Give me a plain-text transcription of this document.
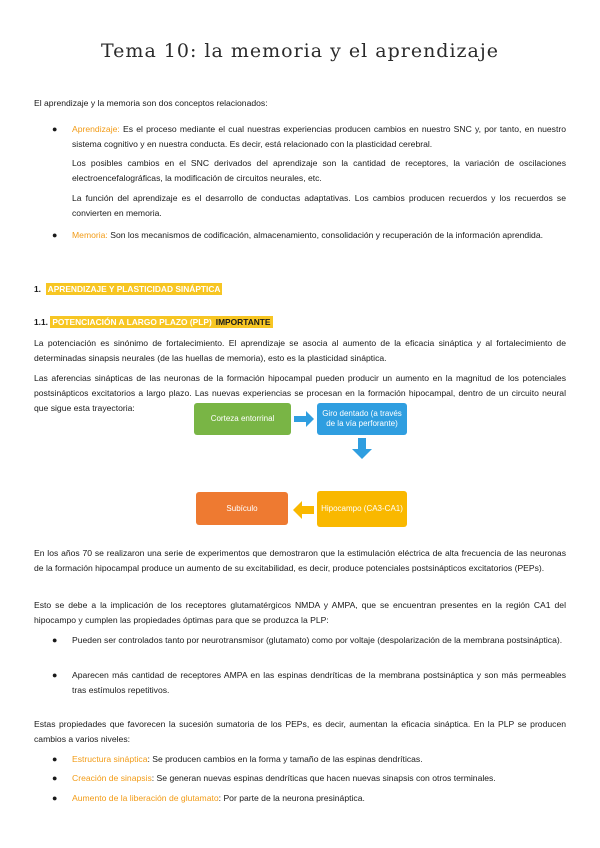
Tema 10: la memoria y el aprendizaje

El aprendizaje y la memoria son dos conceptos relacionados:

● Aprendizaje: Es el proceso mediante el cual nuestras experiencias producen cambios en nuestro SNC y, por tanto, en nuestro sistema cognitivo y en nuestra conducta. Es decir, está relacionado con la plasticidad cerebral.

Los posibles cambios en el SNC derivados del aprendizaje son la cantidad de receptores, la variación de oscilaciones electroencefalográficas, la modificación de circuitos neurales, etc.

La función del aprendizaje es el desarrollo de conductas adaptativas. Los cambios producen recuerdos y los recuerdos se convierten en memoria.

● Memoria: Son los mecanismos de codificación, almacenamiento, consolidación y recuperación de la información aprendida.

1. APRENDIZAJE Y PLASTICIDAD SINÁPTICA
1.1. POTENCIACIÓN A LARGO PLAZO (PLP) IMPORTANTE

La potenciación es sinónimo de fortalecimiento. El aprendizaje se asocia al aumento de la eficacia sináptica y al fortalecimiento de determinadas sinapsis neurales (de las huellas de memoria), esto es la plasticidad sináptica.

Las aferencias sinápticas de las neuronas de la formación hipocampal pueden producir un aumento en la magnitud de los potenciales postsinápticos excitatorios a largo plazo. Las nuevas experiencias se procesan en la formación hipocampal, dentro de un circuito neural que sigue esta trayectoria:

Corteza entorrinal
Giro dentado (a través de la vía perforante)
Hipocampo (CA3-CA1)
Subículo

En los años 70 se realizaron una serie de experimentos que demostraron que la estimulación eléctrica de alta frecuencia de las neuronas de la formación hipocampal produce un aumento de su excitabilidad, es decir, produce potenciales postsinápticos excitatorios (PEPs).

Esto se debe a la implicación de los receptores glutamatérgicos NMDA y AMPA, que se encuentran presentes en la región CA1 del hipocampo y cumplen las propiedades óptimas para que se produzca la PLP:

● Pueden ser controlados tanto por neurotransmisor (glutamato) como por voltaje (despolarización de la membrana postsináptica).

● Aparecen más cantidad de receptores AMPA en las espinas dendríticas de la membrana postsináptica y son más permeables tras estímulos repetitivos.

Estas propiedades que favorecen la sucesión sumatoria de los PEPs, es decir, aumentan la eficacia sináptica. En la PLP se producen cambios a varios niveles:

● Estructura sináptica: Se producen cambios en la forma y tamaño de las espinas dendríticas.

● Creación de sinapsis: Se generan nuevas espinas dendríticas que hacen nuevas sinapsis con otros terminales.

● Aumento de la liberación de glutamato: Por parte de la neurona presináptica.
